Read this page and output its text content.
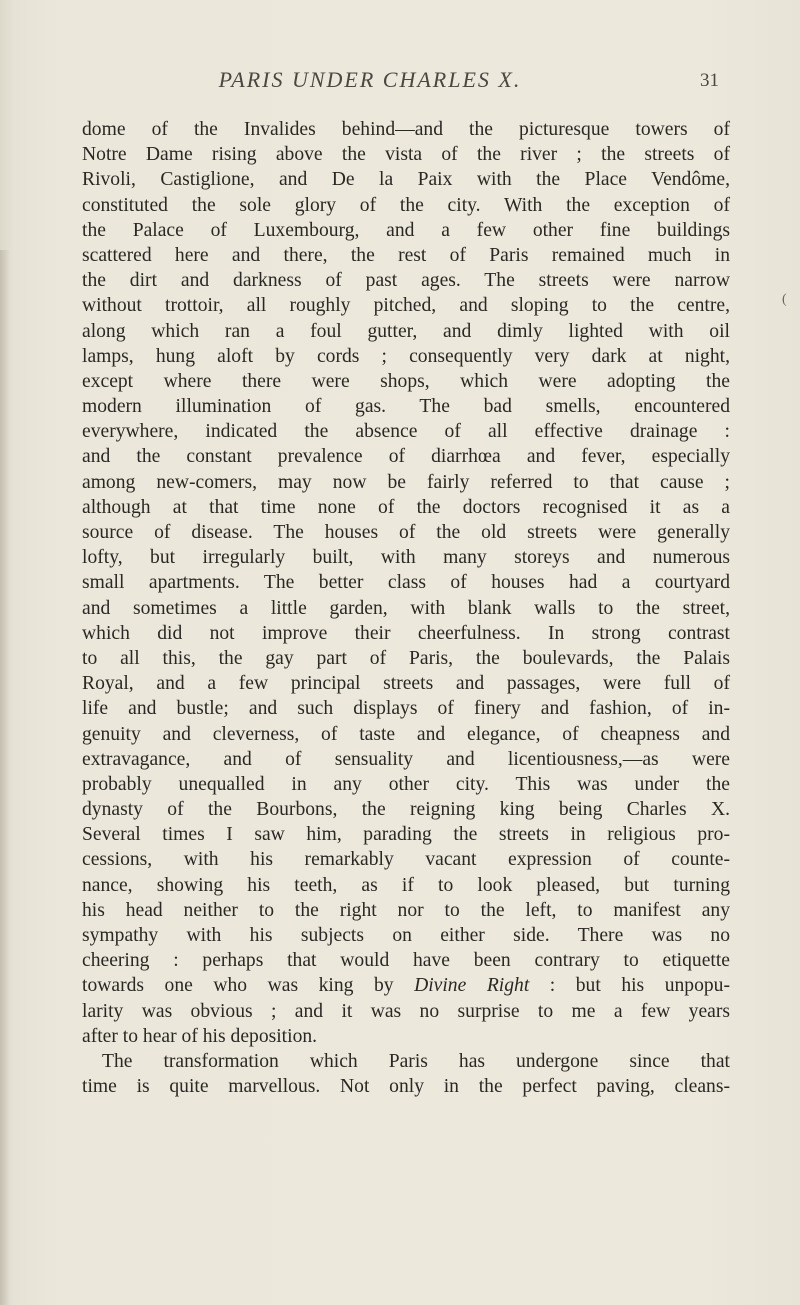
PARIS UNDER CHARLES X.	31
dome of the Invalides behind—and the picturesque towers of
Notre Dame rising above the vista of the river ; the streets of
Rivoli, Castiglione, and De la Paix with the Place Vendôme,
constituted the sole glory of the city. With the exception of
the Palace of Luxembourg, and a few other fine buildings
scattered here and there, the rest of Paris remained much in
the dirt and darkness of past ages. The streets were narrow
without trottoir, all roughly pitched, and sloping to the centre,
along which ran a foul gutter, and dimly lighted with oil
lamps, hung aloft by cords ; consequently very dark at night,
except where there were shops, which were adopting the
modern illumination of gas. The bad smells, encountered
everywhere, indicated the absence of all effective drainage :
and the constant prevalence of diarrhœa and fever, especially
among new-comers, may now be fairly referred to that cause ;
although at that time none of the doctors recognised it as a
source of disease. The houses of the old streets were generally
lofty, but irregularly built, with many storeys and numerous
small apartments. The better class of houses had a courtyard
and sometimes a little garden, with blank walls to the street,
which did not improve their cheerfulness. In strong contrast
to all this, the gay part of Paris, the boulevards, the Palais
Royal, and a few principal streets and passages, were full of
life and bustle; and such displays of finery and fashion, of in-
genuity and cleverness, of taste and elegance, of cheapness and
extravagance, and of sensuality and licentiousness,—as were
probably unequalled in any other city. This was under the
dynasty of the Bourbons, the reigning king being Charles X.
Several times I saw him, parading the streets in religious pro-
cessions, with his remarkably vacant expression of counte-
nance, showing his teeth, as if to look pleased, but turning
his head neither to the right nor to the left, to manifest any
sympathy with his subjects on either side. There was no
cheering : perhaps that would have been contrary to etiquette
towards one who was king by Divine Right : but his unpopu-
larity was obvious ; and it was no surprise to me a few years
after to hear of his deposition.
The transformation which Paris has undergone since that
time is quite marvellous. Not only in the perfect paving, cleans-
(
